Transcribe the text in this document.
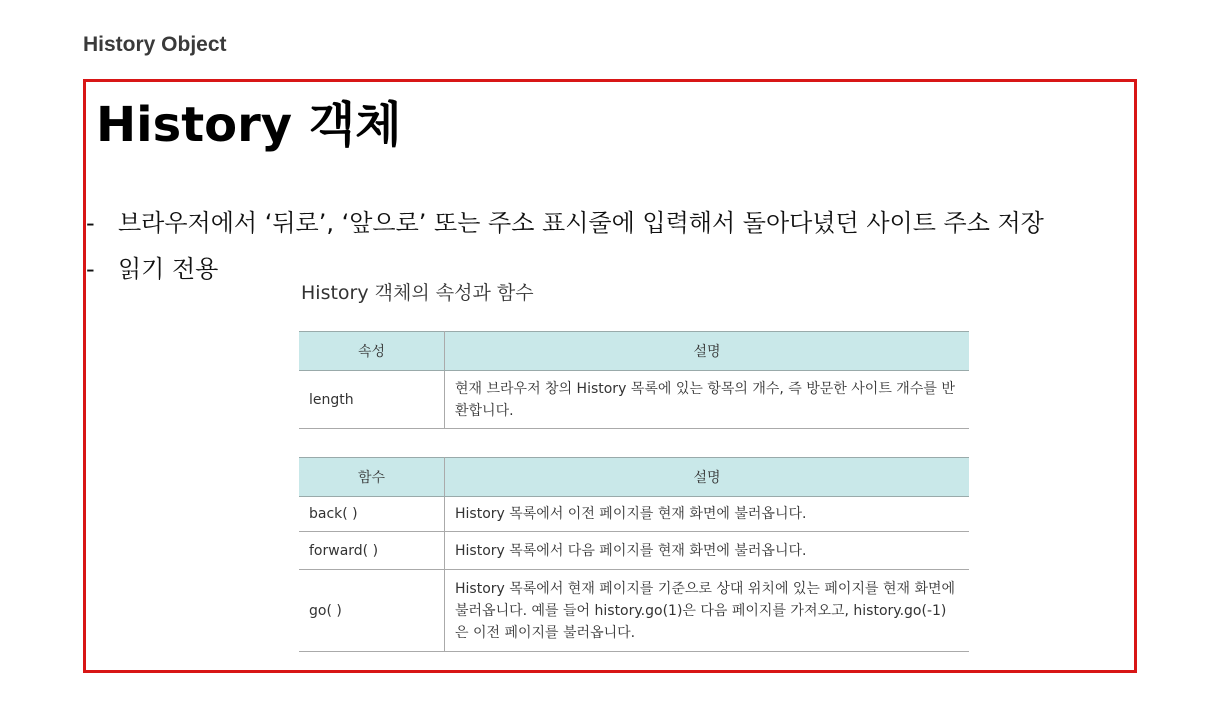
History Object
History 객체
- 브라우저에서 ‘뒤로’, ‘앞으로’ 또는 주소 표시줄에 입력해서 돌아다녔던 사이트 주소 저장
- 읽기 전용
History 객체의 속성과 함수
속성	설명
length	현재 브라우저 창의 History 목록에 있는 항목의 개수, 즉 방문한 사이트 개수를 반환합니다.
함수	설명
back( )	History 목록에서 이전 페이지를 현재 화면에 불러옵니다.
forward( )	History 목록에서 다음 페이지를 현재 화면에 불러옵니다.
go( )	History 목록에서 현재 페이지를 기준으로 상대 위치에 있는 페이지를 현재 화면에 불러옵니다. 예를 들어 history.go(1)은 다음 페이지를 가져오고, history.go(-1)은 이전 페이지를 불러옵니다.
